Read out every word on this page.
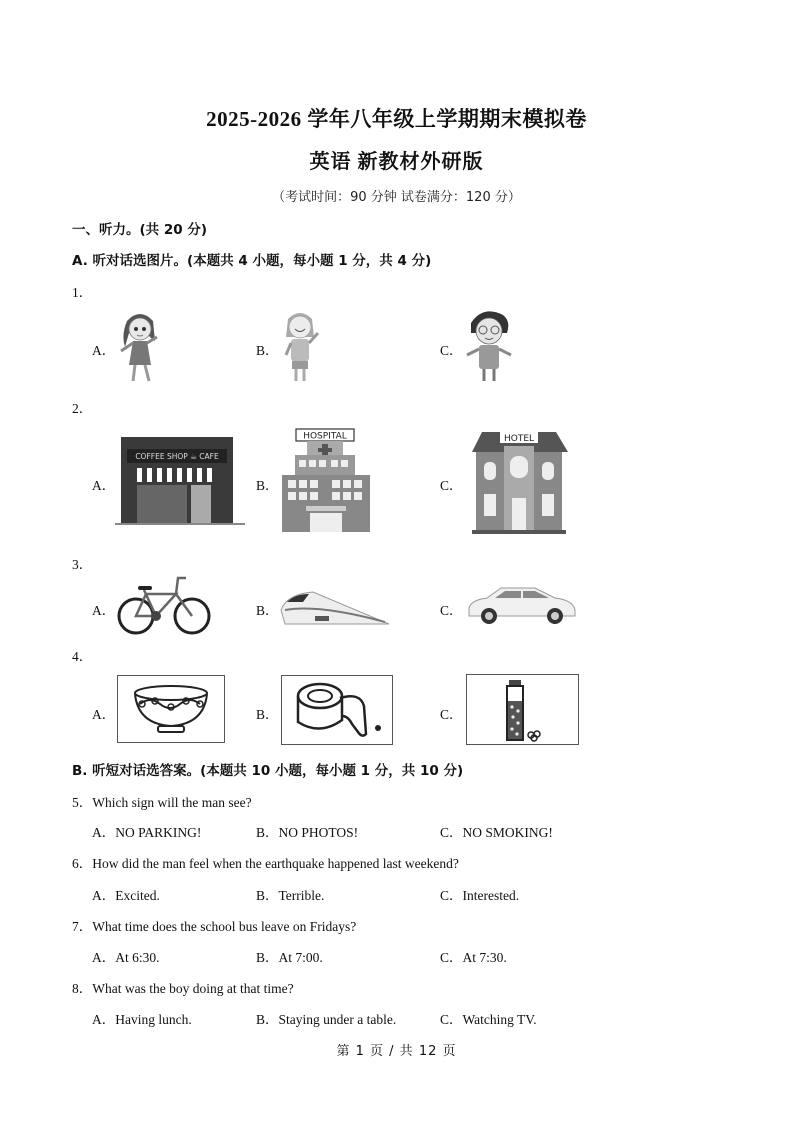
2025-2026 学年八年级上学期期末模拟卷
英语 新教材外研版
（考试时间：90 分钟 试卷满分：120 分）
一、听力。(共 20 分)
A. 听对话选图片。(本题共 4 小题，每小题 1 分，共 4 分)
1．
A．	B．	C．
2．
A．
COFFEE SHOP ☕ CAFE
B．
HOSPITAL
C．
HOTEL
3．
A．	B．	C．
4．
A．	B．	C．
B. 听短对话选答案。(本题共 10 小题，每小题 1 分，共 10 分)
5．Which sign will the man see?
A．NO PARKING!	B．NO PHOTOS!	C．NO SMOKING!
6．How did the man feel when the earthquake happened last weekend?
A．Excited.	B．Terrible.	C．Interested.
7．What time does the school bus leave on Fridays?
A．At 6:30.	B．At 7:00.	C．At 7:30.
8．What was the boy doing at that time?
A．Having lunch.	B．Staying under a table.	C．Watching TV.
第 1 页 / 共 12 页
